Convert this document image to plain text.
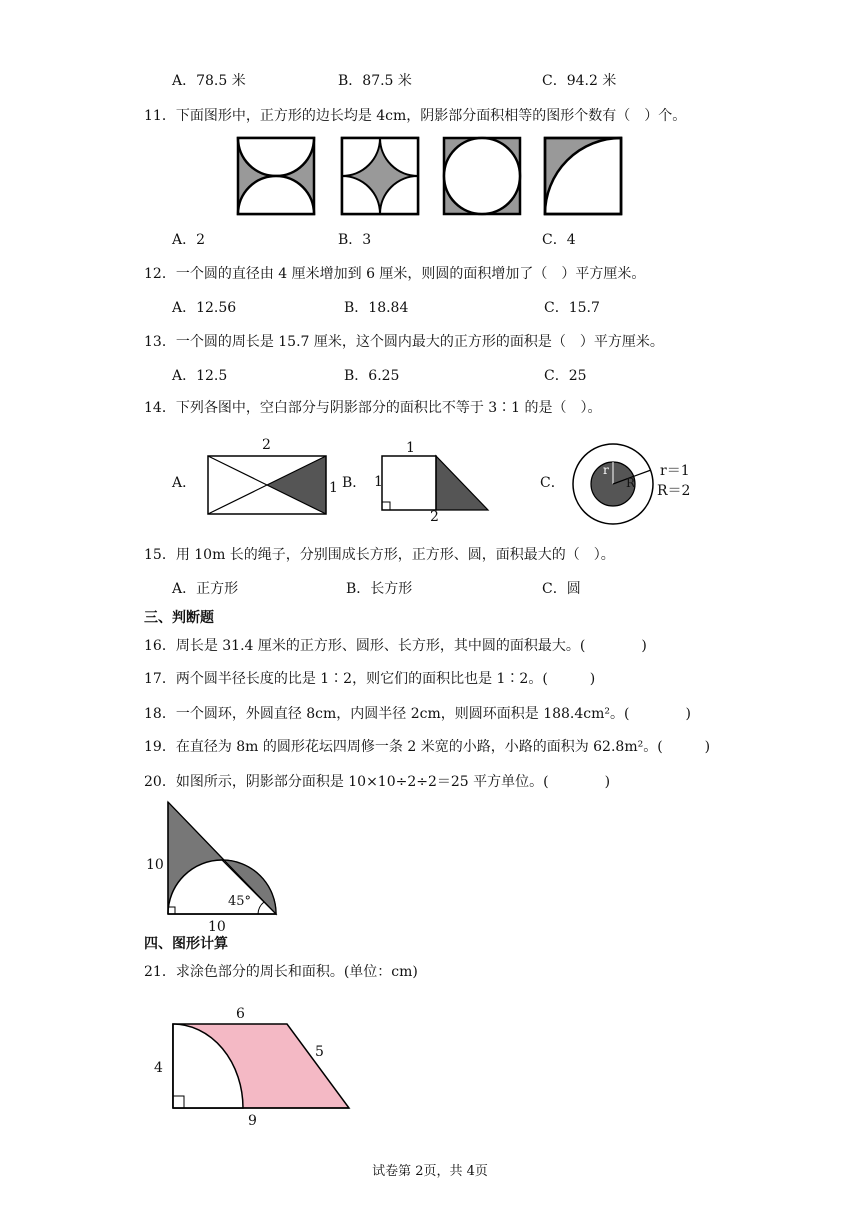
A．78.5 米	B．87.5 米	C．94.2 米
11．下面图形中，正方形的边长均是 4cm，阴影部分面积相等的图形个数有（　）个。
A．2	B．3	C．4
12．一个圆的直径由 4 厘米增加到 6 厘米，则圆的面积增加了（　）平方厘米。
A．12.56	B．18.84	C．15.7
13．一个圆的周长是 15.7 厘米，这个圆内最大的正方形的面积是（　）平方厘米。
A．12.5	B．6.25	C．25
14．下列各图中，空白部分与阴影部分的面积比不等于 3∶1 的是（　）。
A．
2
1 B．
1
1
2
C．
r
R
r＝1
R＝2
15．用 10m 长的绳子，分别围成长方形，正方形、圆，面积最大的（　）。
A．正方形	B．长方形	C．圆
三、判断题
16．周长是 31.4 厘米的正方形、圆形、长方形，其中圆的面积最大。(　　　　)
17．两个圆半径长度的比是 1∶2，则它们的面积比也是 1∶2。(　　　)
18．一个圆环，外圆直径 8cm，内圆半径 2cm，则圆环面积是 188.4cm²。(　　　　)
19．在直径为 8m 的圆形花坛四周修一条 2 米宽的小路，小路的面积为 62.8m²。(　　　)
20．如图所示，阴影部分面积是 10×10÷2÷2＝25 平方单位。(　　　　)
10
10
45°
四、图形计算
21．求涂色部分的周长和面积。(单位：cm)
6
5
4
9
试卷第 2页，共 4页
